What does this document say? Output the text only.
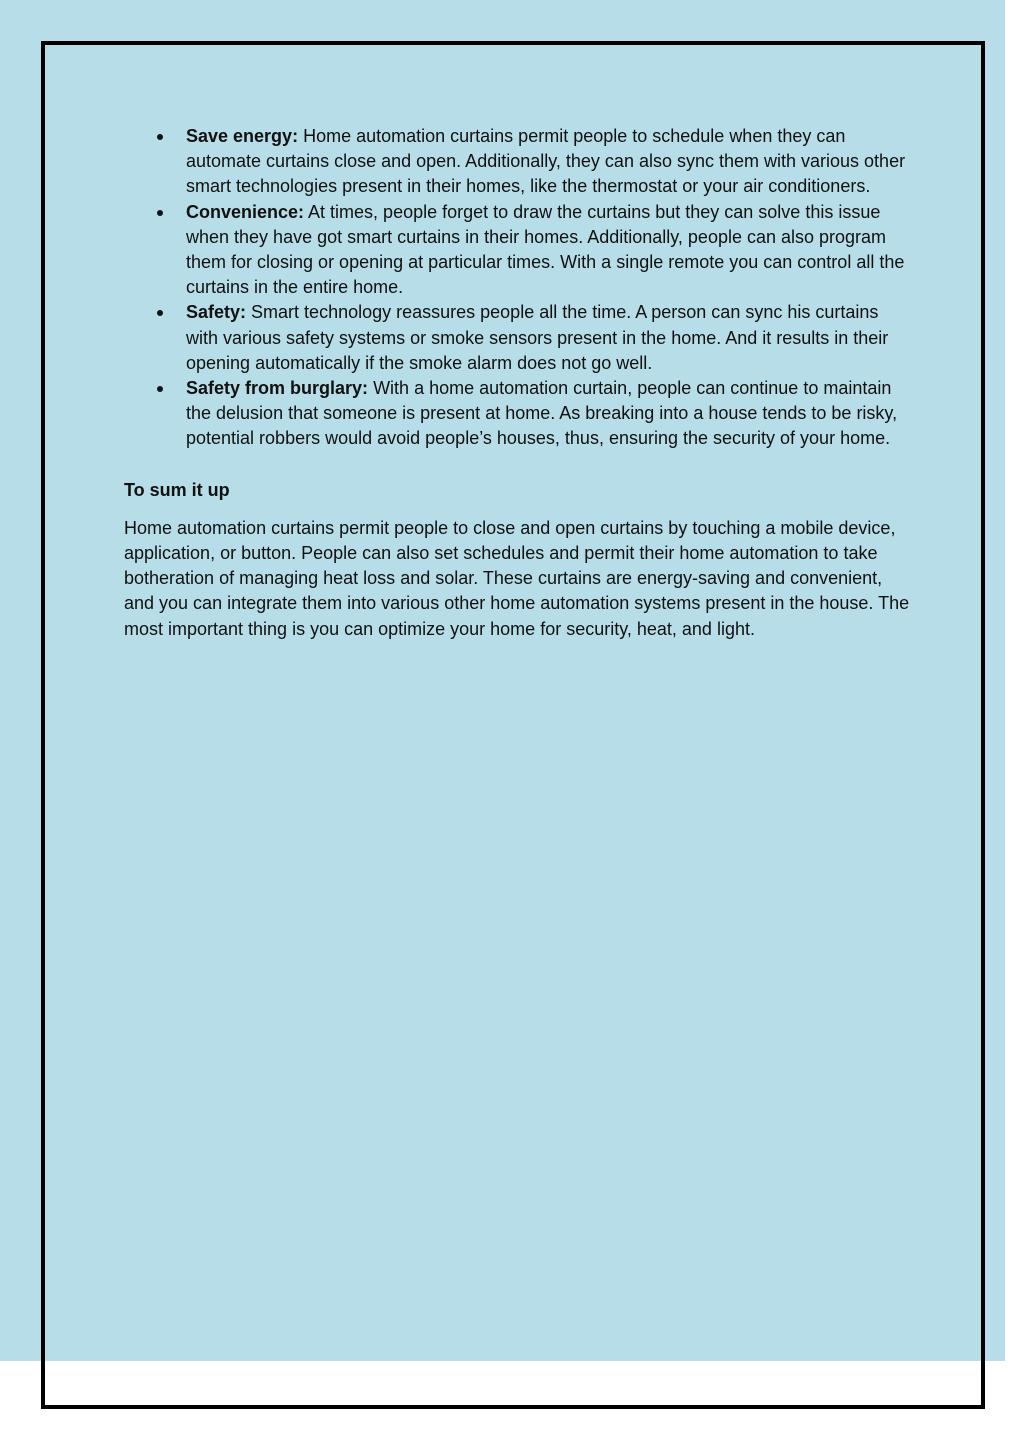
Save energy: Home automation curtains permit people to schedule when they can automate curtains close and open. Additionally, they can also sync them with various other smart technologies present in their homes, like the thermostat or your air conditioners.
Convenience: At times, people forget to draw the curtains but they can solve this issue when they have got smart curtains in their homes. Additionally, people can also program them for closing or opening at particular times. With a single remote you can control all the curtains in the entire home.
Safety: Smart technology reassures people all the time. A person can sync his curtains with various safety systems or smoke sensors present in the home. And it results in their opening automatically if the smoke alarm does not go well.
Safety from burglary: With a home automation curtain, people can continue to maintain the delusion that someone is present at home. As breaking into a house tends to be risky, potential robbers would avoid people’s houses, thus, ensuring the security of your home.

To sum it up

Home automation curtains permit people to close and open curtains by touching a mobile device, application, or button. People can also set schedules and permit their home automation to take botheration of managing heat loss and solar. These curtains are energy-saving and convenient, and you can integrate them into various other home automation systems present in the house. The most important thing is you can optimize your home for security, heat, and light.
